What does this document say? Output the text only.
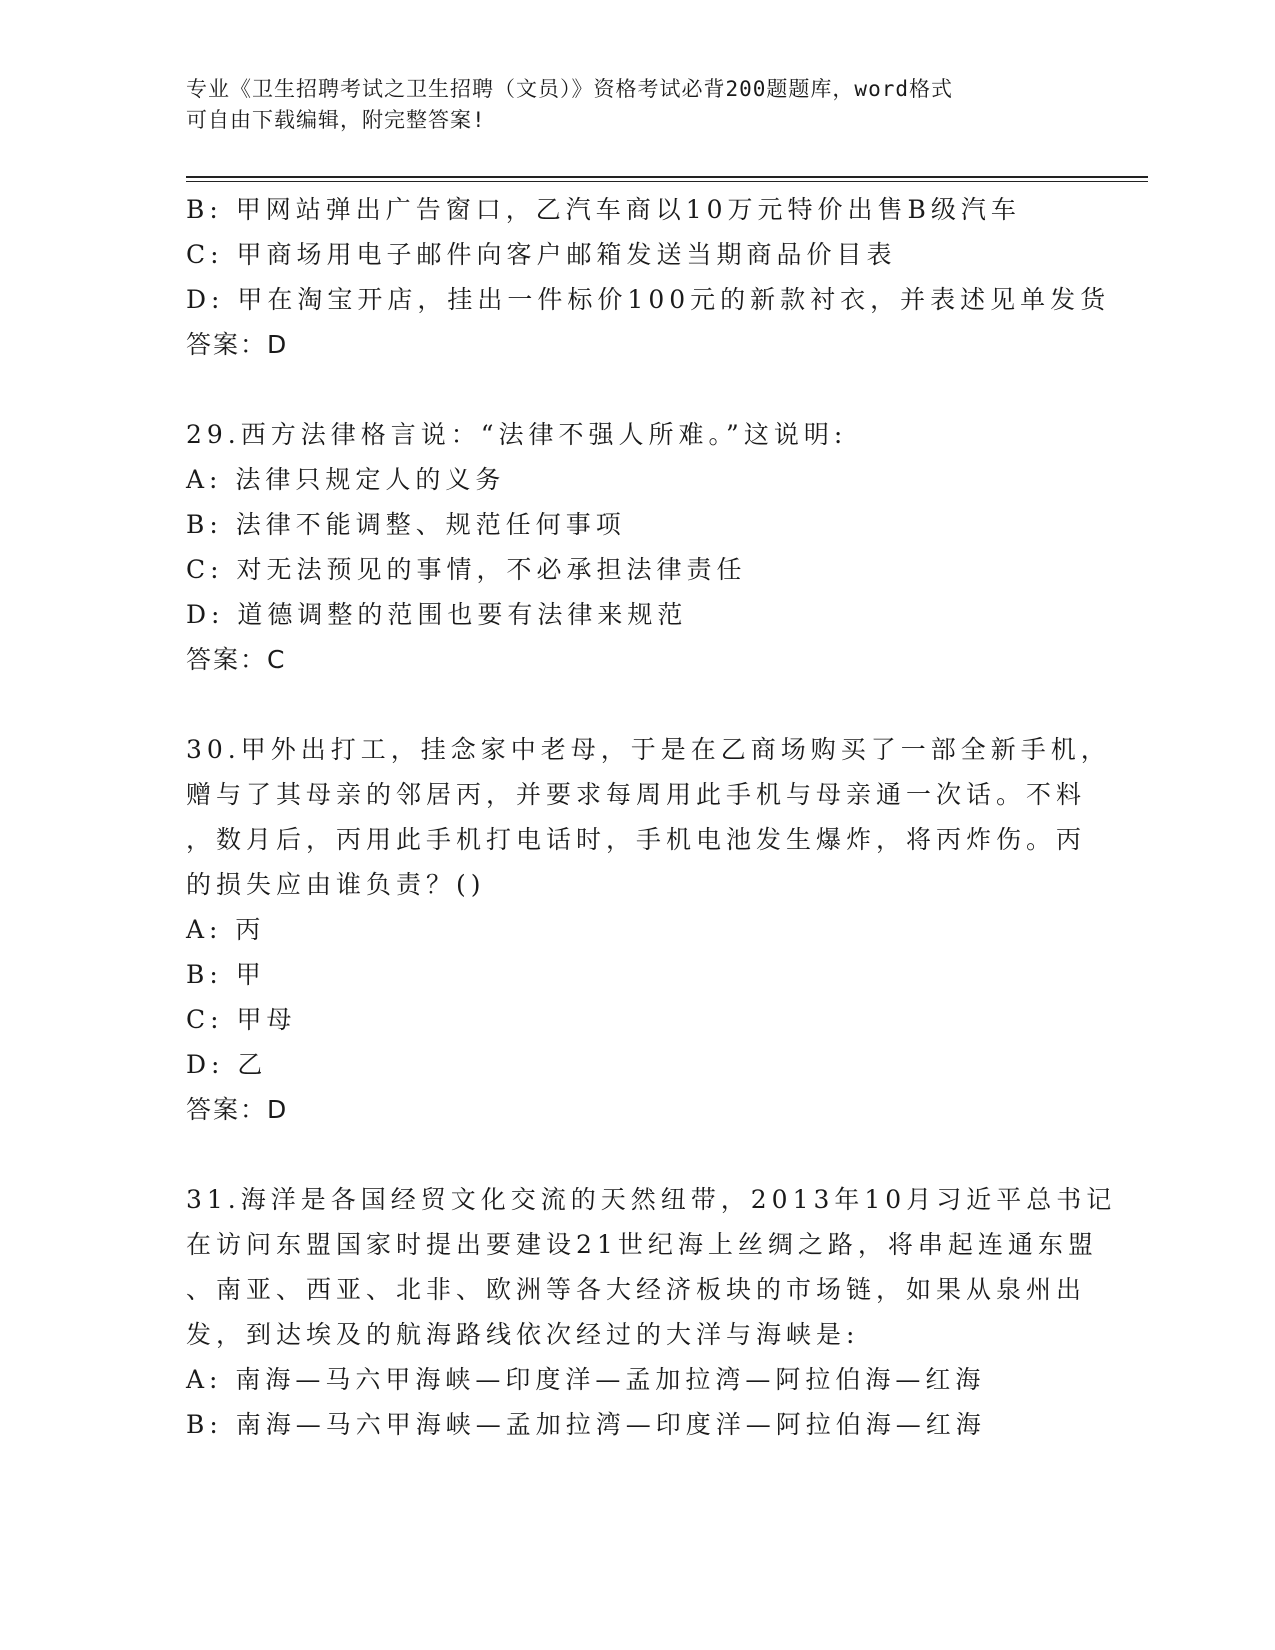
专业《卫生招聘考试之卫生招聘（文员）》资格考试必背200题题库，word格式
可自由下载编辑，附完整答案!
B: 甲网站弹出广告窗口，乙汽车商以10万元特价出售B级汽车
C: 甲商场用电子邮件向客户邮箱发送当期商品价目表
D: 甲在淘宝开店，挂出一件标价100元的新款衬衣，并表述见单发货
答案：D
29.西方法律格言说：“法律不强人所难。”这说明:
A: 法律只规定人的义务
B: 法律不能调整、规范任何事项
C: 对无法预见的事情，不必承担法律责任
D: 道德调整的范围也要有法律来规范
答案：C
30.甲外出打工，挂念家中老母，于是在乙商场购买了一部全新手机，
赠与了其母亲的邻居丙，并要求每周用此手机与母亲通一次话。不料
，数月后，丙用此手机打电话时，手机电池发生爆炸，将丙炸伤。丙
的损失应由谁负责？()
A: 丙
B: 甲
C: 甲母
D: 乙
答案：D
31.海洋是各国经贸文化交流的天然纽带，2013年10月习近平总书记
在访问东盟国家时提出要建设21世纪海上丝绸之路，将串起连通东盟
、南亚、西亚、北非、欧洲等各大经济板块的市场链，如果从泉州出
发，到达埃及的航海路线依次经过的大洋与海峡是:
A: 南海—马六甲海峡—印度洋—孟加拉湾—阿拉伯海—红海
B: 南海—马六甲海峡—孟加拉湾—印度洋—阿拉伯海—红海
